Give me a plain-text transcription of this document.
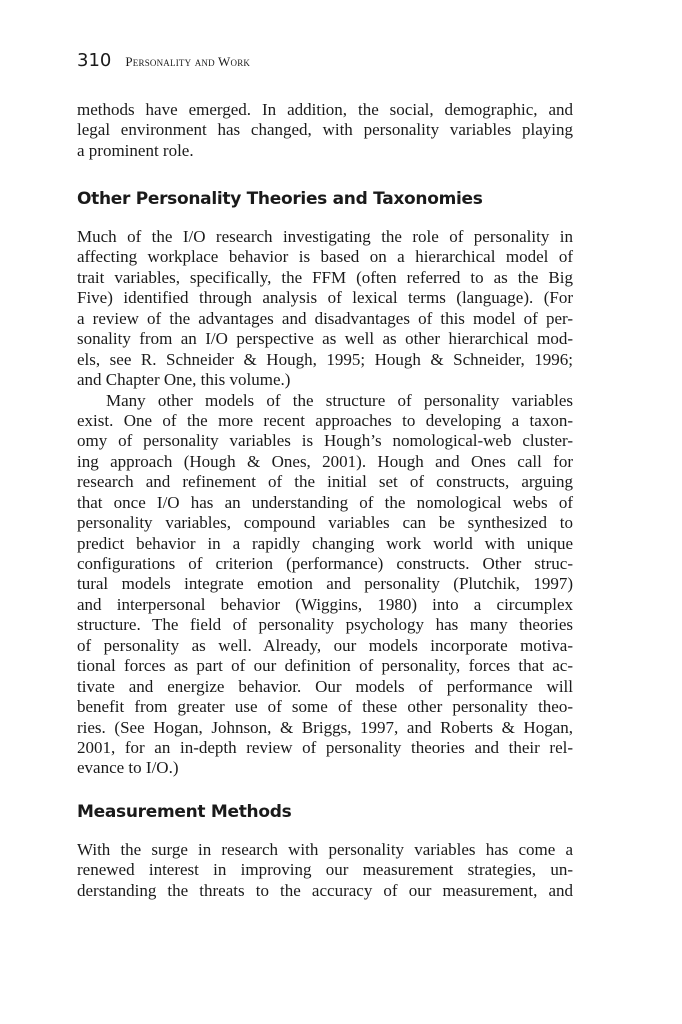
310 Personality and Work
methods have emerged. In addition, the social, demographic, and
legal environment has changed, with personality variables playing
a prominent role.
Other Personality Theories and Taxonomies
Much of the I/O research investigating the role of personality in
affecting workplace behavior is based on a hierarchical model of
trait variables, specifically, the FFM (often referred to as the Big
Five) identified through analysis of lexical terms (language). (For
a review of the advantages and disadvantages of this model of per-
sonality from an I/O perspective as well as other hierarchical mod-
els, see R. Schneider & Hough, 1995; Hough & Schneider, 1996;
and Chapter One, this volume.)
Many other models of the structure of personality variables
exist. One of the more recent approaches to developing a taxon-
omy of personality variables is Hough’s nomological-web cluster-
ing approach (Hough & Ones, 2001). Hough and Ones call for
research and refinement of the initial set of constructs, arguing
that once I/O has an understanding of the nomological webs of
personality variables, compound variables can be synthesized to
predict behavior in a rapidly changing work world with unique
configurations of criterion (performance) constructs. Other struc-
tural models integrate emotion and personality (Plutchik, 1997)
and interpersonal behavior (Wiggins, 1980) into a circumplex
structure. The field of personality psychology has many theories
of personality as well. Already, our models incorporate motiva-
tional forces as part of our definition of personality, forces that ac-
tivate and energize behavior. Our models of performance will
benefit from greater use of some of these other personality theo-
ries. (See Hogan, Johnson, & Briggs, 1997, and Roberts & Hogan,
2001, for an in-depth review of personality theories and their rel-
evance to I/O.)
Measurement Methods
With the surge in research with personality variables has come a
renewed interest in improving our measurement strategies, un-
derstanding the threats to the accuracy of our measurement, and
